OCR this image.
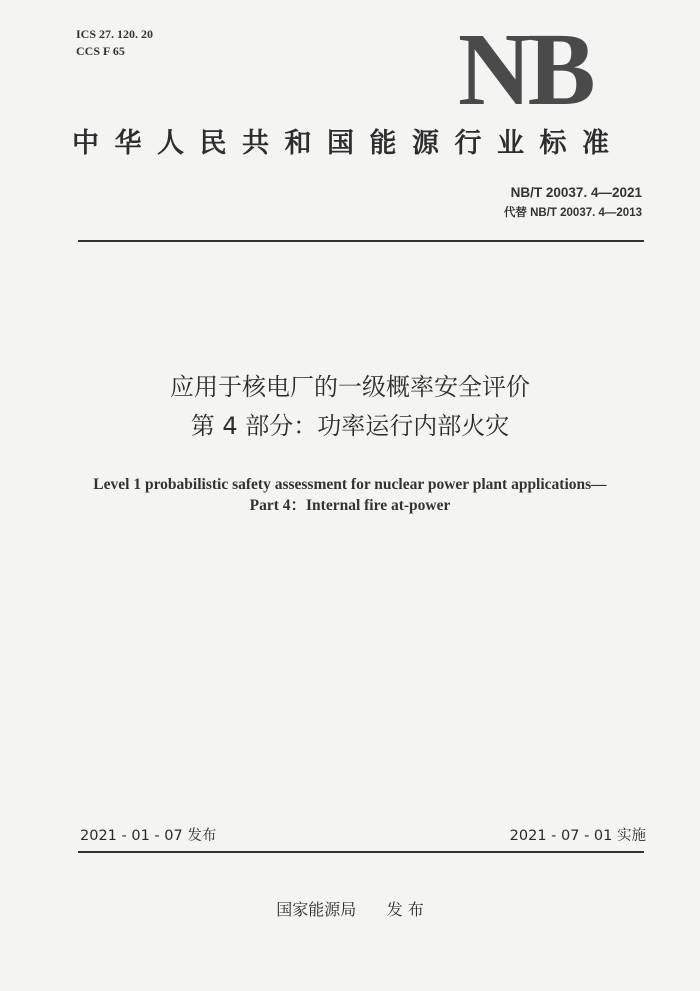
ICS 27. 120. 20
CCS F 65	NB
中华人民共和国能源行业标准
NB/T 20037. 4—2021
代替 NB/T 20037. 4—2013
应用于核电厂的一级概率安全评价
第 4 部分：功率运行内部火灾
Level 1 probabilistic safety assessment for nuclear power plant applications—
Part 4：Internal fire at-power
2021 - 01 - 07 发布	2021 - 07 - 01 实施
国家能源局      发 布
